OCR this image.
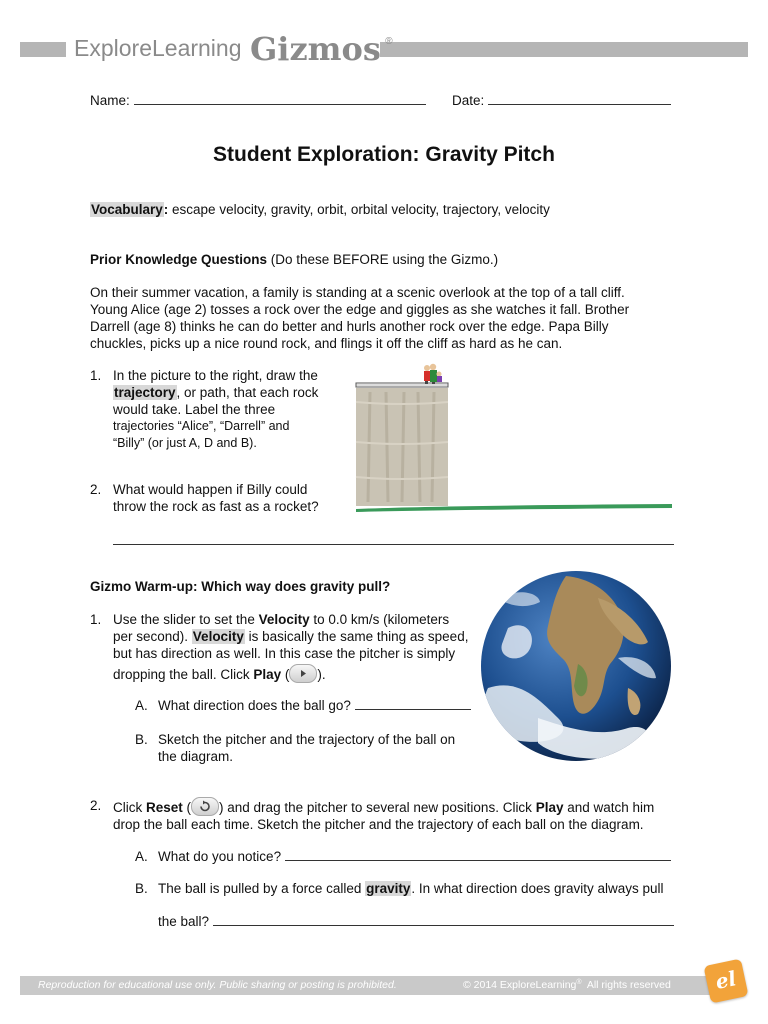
ExploreLearning Gizmos ®
Name:	Date:
Student Exploration: Gravity Pitch
Vocabulary: escape velocity, gravity, orbit, orbital velocity, trajectory, velocity
Prior Knowledge Questions (Do these BEFORE using the Gizmo.)
On their summer vacation, a family is standing at a scenic overlook at the top of a tall cliff.
Young Alice (age 2) tosses a rock over the edge and giggles as she watches it fall. Brother
Darrell (age 8) thinks he can do better and hurls another rock over the edge. Papa Billy
chuckles, picks up a nice round rock, and flings it off the cliff as hard as he can.
1. In the picture to the right, draw the
trajectory, or path, that each rock
would take. Label the three
trajectories “Alice”, “Darrell” and
“Billy” (or just A, D and B).
2. What would happen if Billy could
throw the rock as fast as a rocket?
Gizmo Warm-up: Which way does gravity pull?
1. Use the slider to set the Velocity to 0.0 km/s (kilometers
per second). Velocity is basically the same thing as speed,
but has direction as well. In this case the pitcher is simply
dropping the ball. Click Play ( ).
A. What direction does the ball go?
B. Sketch the pitcher and the trajectory of the ball on
the diagram.
2. Click Reset ( ) and drag the pitcher to several new positions. Click Play and watch him
drop the ball each time. Sketch the pitcher and the trajectory of each ball on the diagram.
A. What do you notice?
B. The ball is pulled by a force called gravity. In what direction does gravity always pull
the ball?
Reproduction for educational use only. Public sharing or posting is prohibited.	© 2014 ExploreLearning®  All rights reserved	el
